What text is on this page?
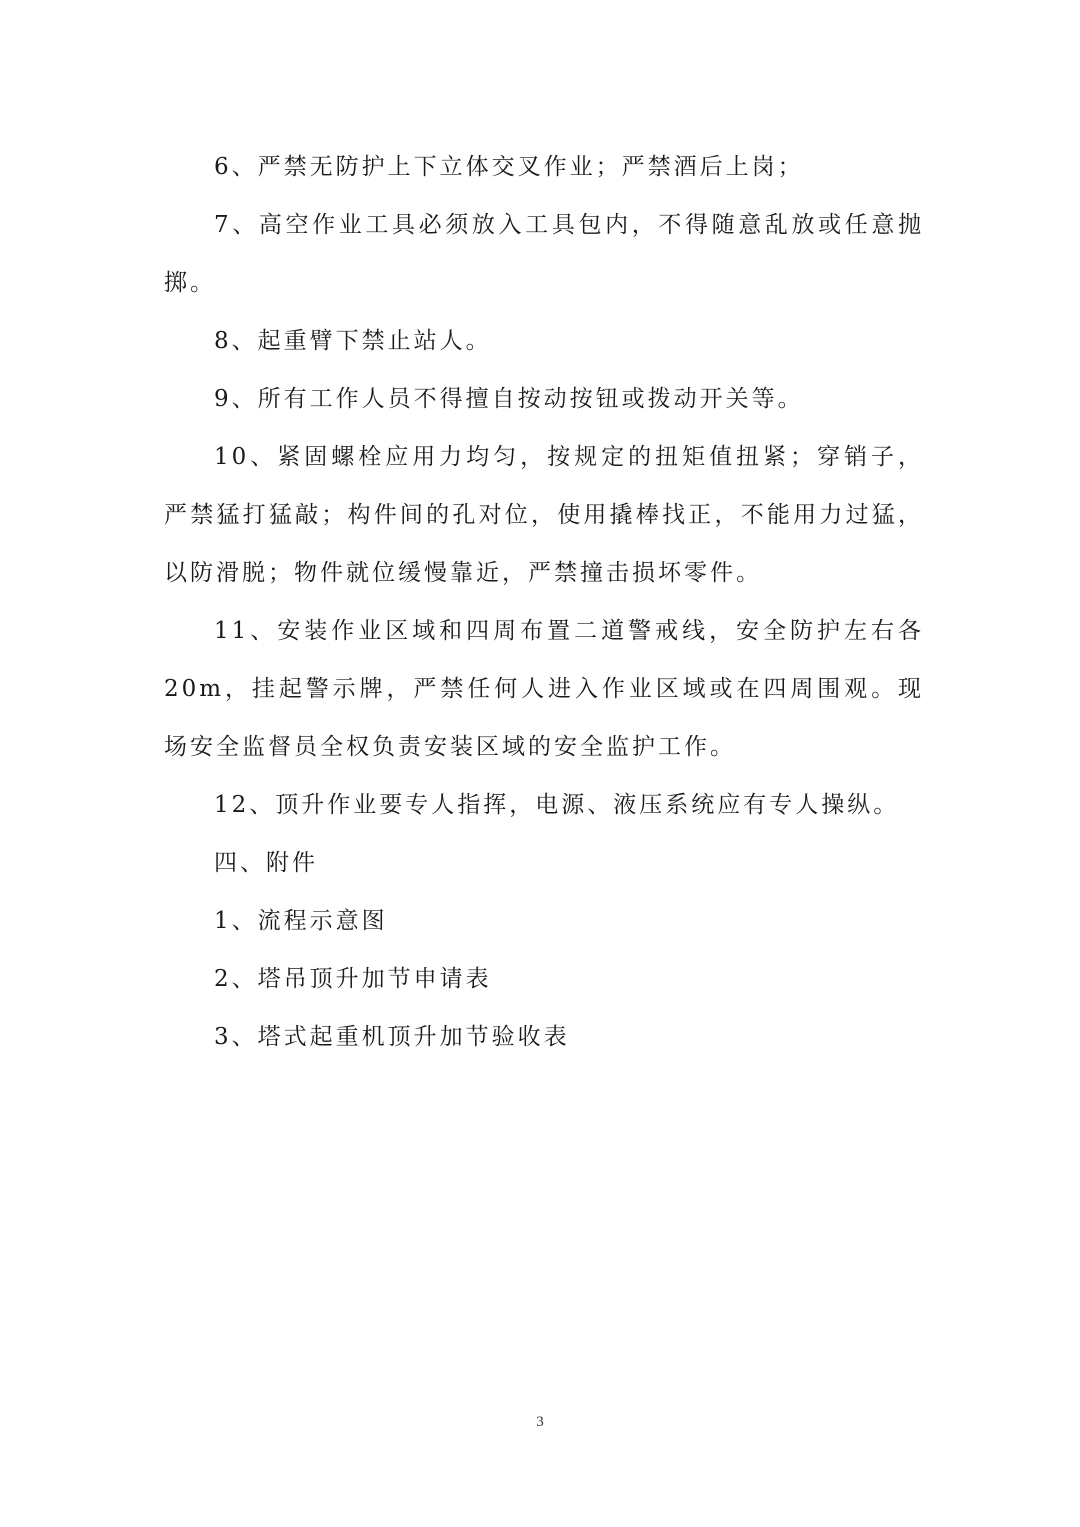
6、严禁无防护上下立体交叉作业；严禁酒后上岗；

7、高空作业工具必须放入工具包内，不得随意乱放或任意抛掷。

8、起重臂下禁止站人。

9、所有工作人员不得擅自按动按钮或拨动开关等。

10、紧固螺栓应用力均匀，按规定的扭矩值扭紧；穿销子，严禁猛打猛敲；构件间的孔对位，使用撬棒找正，不能用力过猛，以防滑脱；物件就位缓慢靠近，严禁撞击损坏零件。

11、安装作业区域和四周布置二道警戒线，安全防护左右各20m，挂起警示牌，严禁任何人进入作业区域或在四周围观。现场安全监督员全权负责安装区域的安全监护工作。

12、顶升作业要专人指挥，电源、液压系统应有专人操纵。

四、附件

1、流程示意图

2、塔吊顶升加节申请表

3、塔式起重机顶升加节验收表

3
